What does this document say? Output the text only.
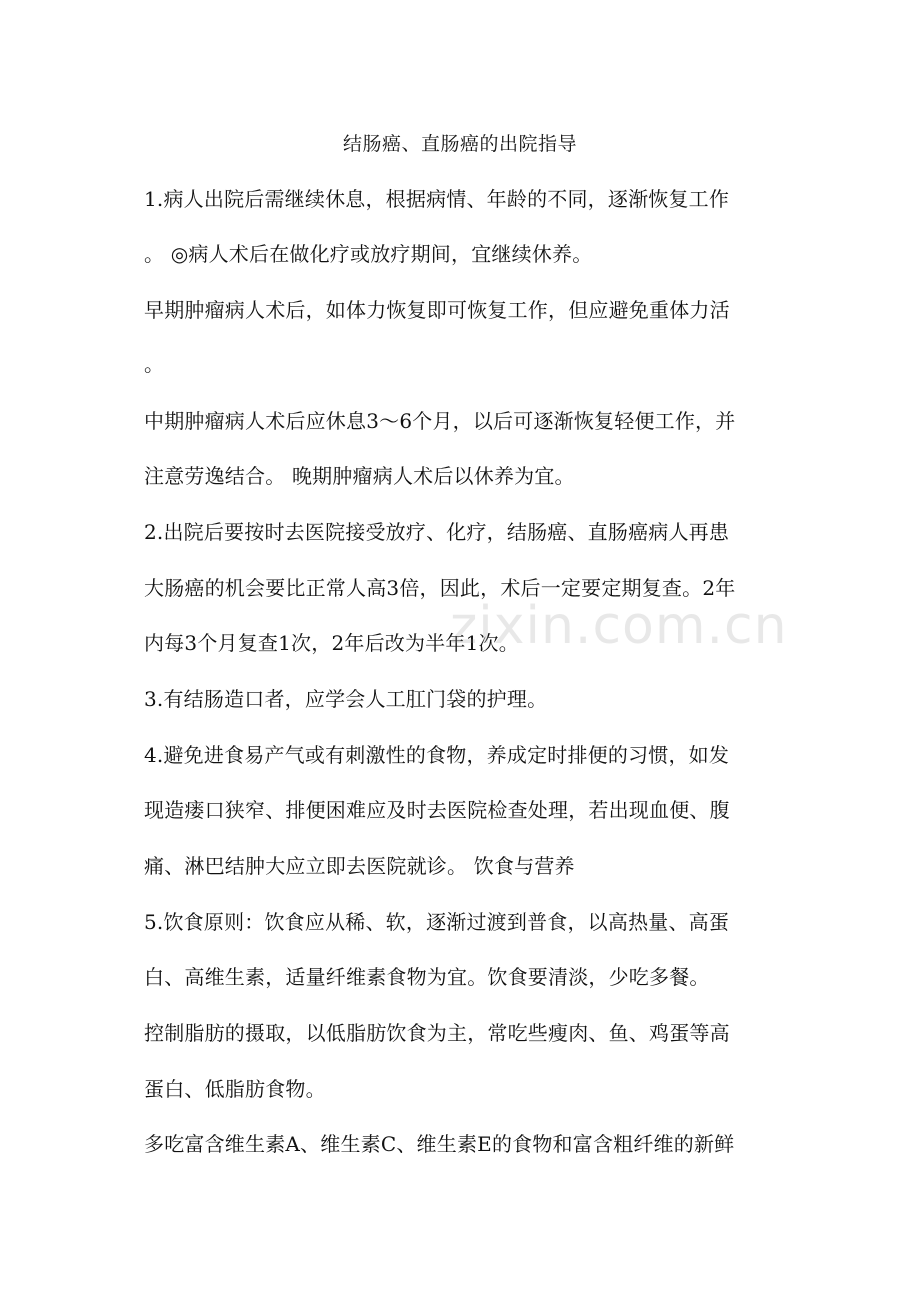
结肠癌、直肠癌的出院指导
1.病人出院后需继续休息，根据病情、年龄的不同，逐渐恢复工作
。 ◎病人术后在做化疗或放疗期间，宜继续休养。
早期肿瘤病人术后，如体力恢复即可恢复工作，但应避免重体力活
。
中期肿瘤病人术后应休息3～6个月，以后可逐渐恢复轻便工作，并
注意劳逸结合。 晚期肿瘤病人术后以休养为宜。
2.出院后要按时去医院接受放疗、化疗，结肠癌、直肠癌病人再患
大肠癌的机会要比正常人高3倍，因此，术后一定要定期复查。2年
内每3个月复查1次，2年后改为半年1次。
3.有结肠造口者，应学会人工肛门袋的护理。
4.避免进食易产气或有刺激性的食物，养成定时排便的习惯，如发
现造瘘口狭窄、排便困难应及时去医院检查处理，若出现血便、腹
痛、淋巴结肿大应立即去医院就诊。 饮食与营养
5.饮食原则：饮食应从稀、软，逐渐过渡到普食，以高热量、高蛋
白、高维生素，适量纤维素食物为宜。饮食要清淡，少吃多餐。
控制脂肪的摄取，以低脂肪饮食为主，常吃些瘦肉、鱼、鸡蛋等高
蛋白、低脂肪食物。
多吃富含维生素A、维生素C、维生素E的食物和富含粗纤维的新鲜
zixin.com.cn
